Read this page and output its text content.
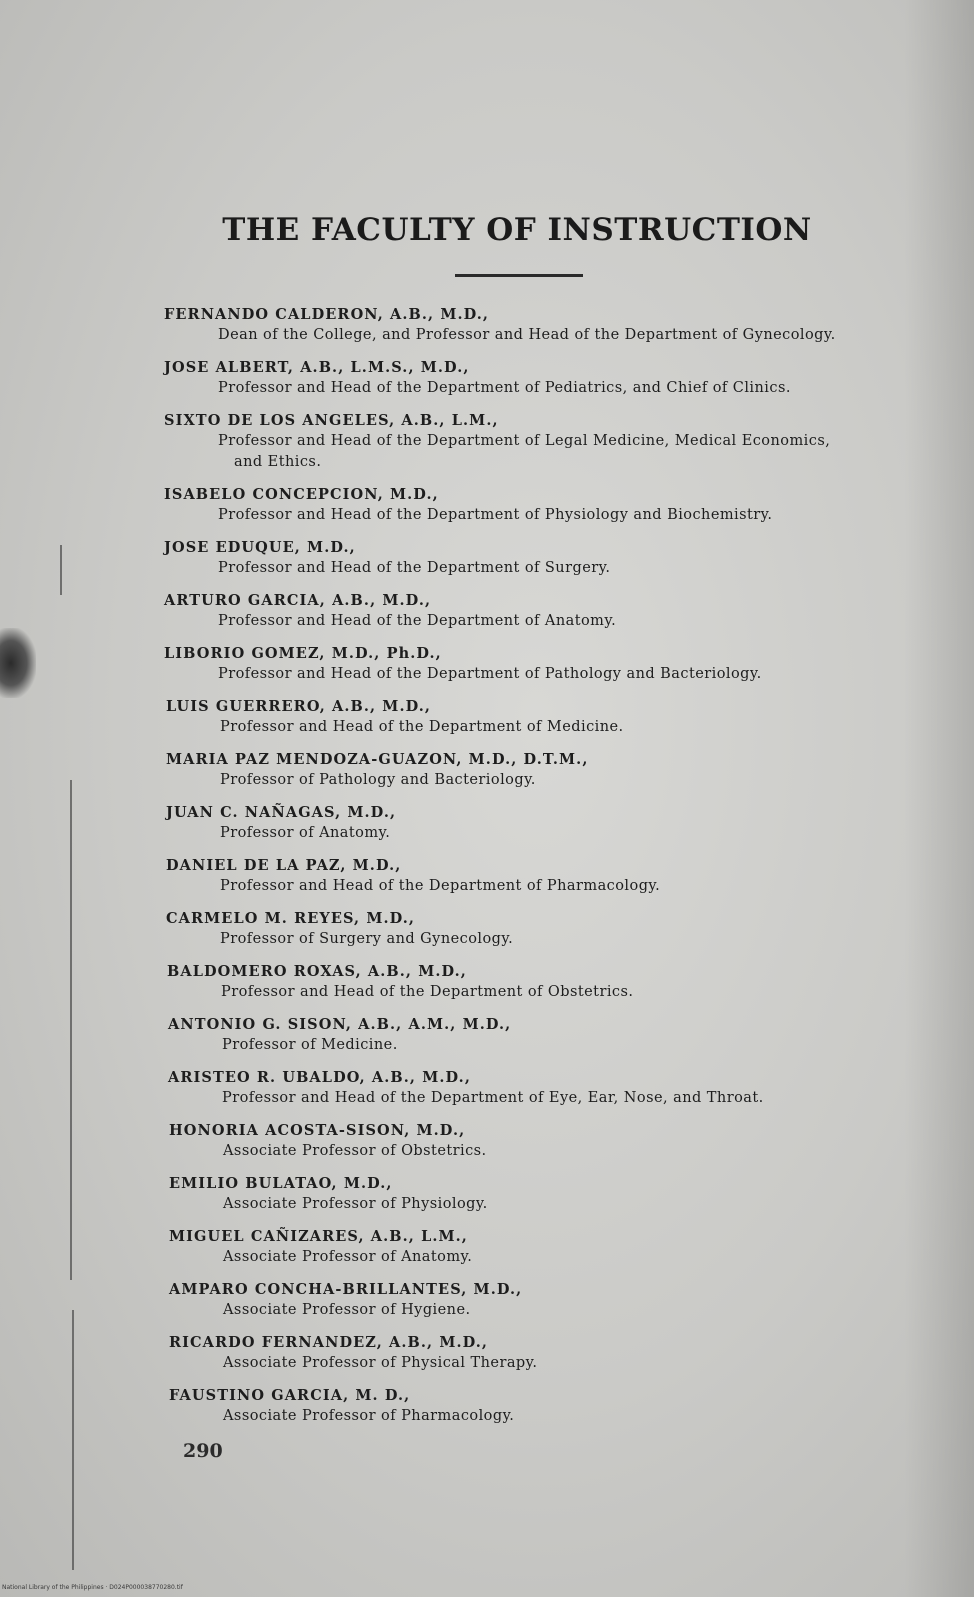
THE FACULTY OF INSTRUCTION
FERNANDO CALDERON, A.B., M.D.,
Dean of the College, and Professor and Head of the Department of Gynecology.
JOSE ALBERT, A.B., L.M.S., M.D.,
Professor and Head of the Department of Pediatrics, and Chief of Clinics.
SIXTO DE LOS ANGELES, A.B., L.M.,
Professor and Head of the Department of Legal Medicine, Medical Economics,
and Ethics.
ISABELO CONCEPCION, M.D.,
Professor and Head of the Department of Physiology and Biochemistry.
JOSE EDUQUE, M.D.,
Professor and Head of the Department of Surgery.
ARTURO GARCIA, A.B., M.D.,
Professor and Head of the Department of Anatomy.
LIBORIO GOMEZ, M.D., Ph.D.,
Professor and Head of the Department of Pathology and Bacteriology.
LUIS GUERRERO, A.B., M.D.,
Professor and Head of the Department of Medicine.
MARIA PAZ MENDOZA-GUAZON, M.D., D.T.M.,
Professor of Pathology and Bacteriology.
JUAN C. NAÑAGAS, M.D.,
Professor of Anatomy.
DANIEL DE LA PAZ, M.D.,
Professor and Head of the Department of Pharmacology.
CARMELO M. REYES, M.D.,
Professor of Surgery and Gynecology.
BALDOMERO ROXAS, A.B., M.D.,
Professor and Head of the Department of Obstetrics.
ANTONIO G. SISON, A.B., A.M., M.D.,
Professor of Medicine.
ARISTEO R. UBALDO, A.B., M.D.,
Professor and Head of the Department of Eye, Ear, Nose, and Throat.
HONORIA ACOSTA-SISON, M.D.,
Associate Professor of Obstetrics.
EMILIO BULATAO, M.D.,
Associate Professor of Physiology.
MIGUEL CAÑIZARES, A.B., L.M.,
Associate Professor of Anatomy.
AMPARO CONCHA-BRILLANTES, M.D.,
Associate Professor of Hygiene.
RICARDO FERNANDEZ, A.B., M.D.,
Associate Professor of Physical Therapy.
FAUSTINO GARCIA, M. D.,
Associate Professor of Pharmacology.
290
National Library of the Philippines · D024P000038770280.tif
